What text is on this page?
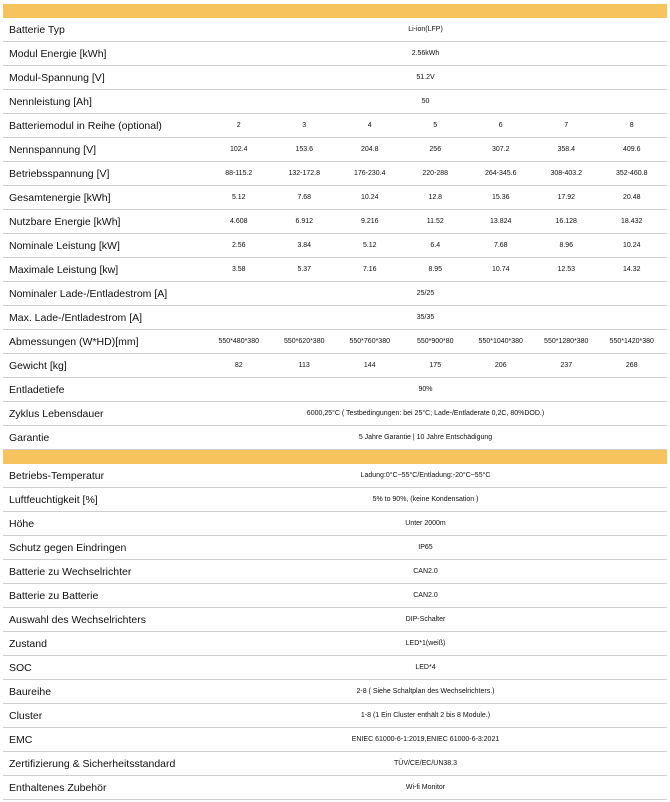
Batterie Typ	Li-ion(LFP)
Modul Energie [kWh]	2.56kWh
Modul-Spannung [V]	51.2V
Nennleistung [Ah]	50
Batteriemodul in Reihe (optional)	2	3	4	5	6	7	8
Nennspannung [V]	102.4	153.6	204.8	256	307.2	358.4	409.6
Betriebsspannung [V]	88-115.2	132-172.8	176-230.4	220-288	264-345.6	308-403.2	352-460.8
Gesamtenergie [kWh]	5.12	7.68	10.24	12.8	15.36	17.92	20.48
Nutzbare Energie [kWh]	4.608	6.912	9.216	11.52	13.824	16.128	18.432
Nominale Leistung [kW]	2.56	3.84	5.12	6.4	7.68	8.96	10.24
Maximale Leistung [kw]	3.58	5.37	7.16	8.95	10.74	12.53	14.32
Nominaler Lade-/Entladestrom [A]	25/25
Max. Lade-/Entladestrom [A]	35/35
Abmessungen (W*HD)[mm]	550*480*380	550*620*380	550*760*380	550*900*80	550*1040*380	550*1280*380	550*1420*380
Gewicht [kg]	82	113	144	175	206	237	268
Entladetiefe	90%
Zyklus Lebensdauer	6000,25°C ( Testbedingungen: bei 25°C; Lade-/Entladerate 0,2C, 80%DOD.)
Garantie	5 Jahre Garantie | 10 Jahre Entschädigung
Betriebs-Temperatur	Ladung:0°C~55°C/Entladung:-20°C~55°C
Luftfeuchtigkeit [%]	5% to 90%, (keine Kondensation )
Höhe	Unter 2000m
Schutz gegen Eindringen	IP65
Batterie zu Wechselrichter	CAN2.0
Batterie zu Batterie	CAN2.0
Auswahl des Wechselrichters	DIP-Schalter
Zustand	LED*1(weiß)
SOC	LED*4
Baureihe	2-8 ( Siehe Schaltplan des Wechselrichters.)
Cluster	1-8 (1 Ein Cluster enthält 2 bis 8 Module.)
EMC	ENIEC 61000-6-1:2019,ENIEC 61000-6-3:2021
Zertifizierung & Sicherheitsstandard	TÜV/CE/EC/UN38.3
Enthaltenes Zubehör	Wi-fi Monitor
